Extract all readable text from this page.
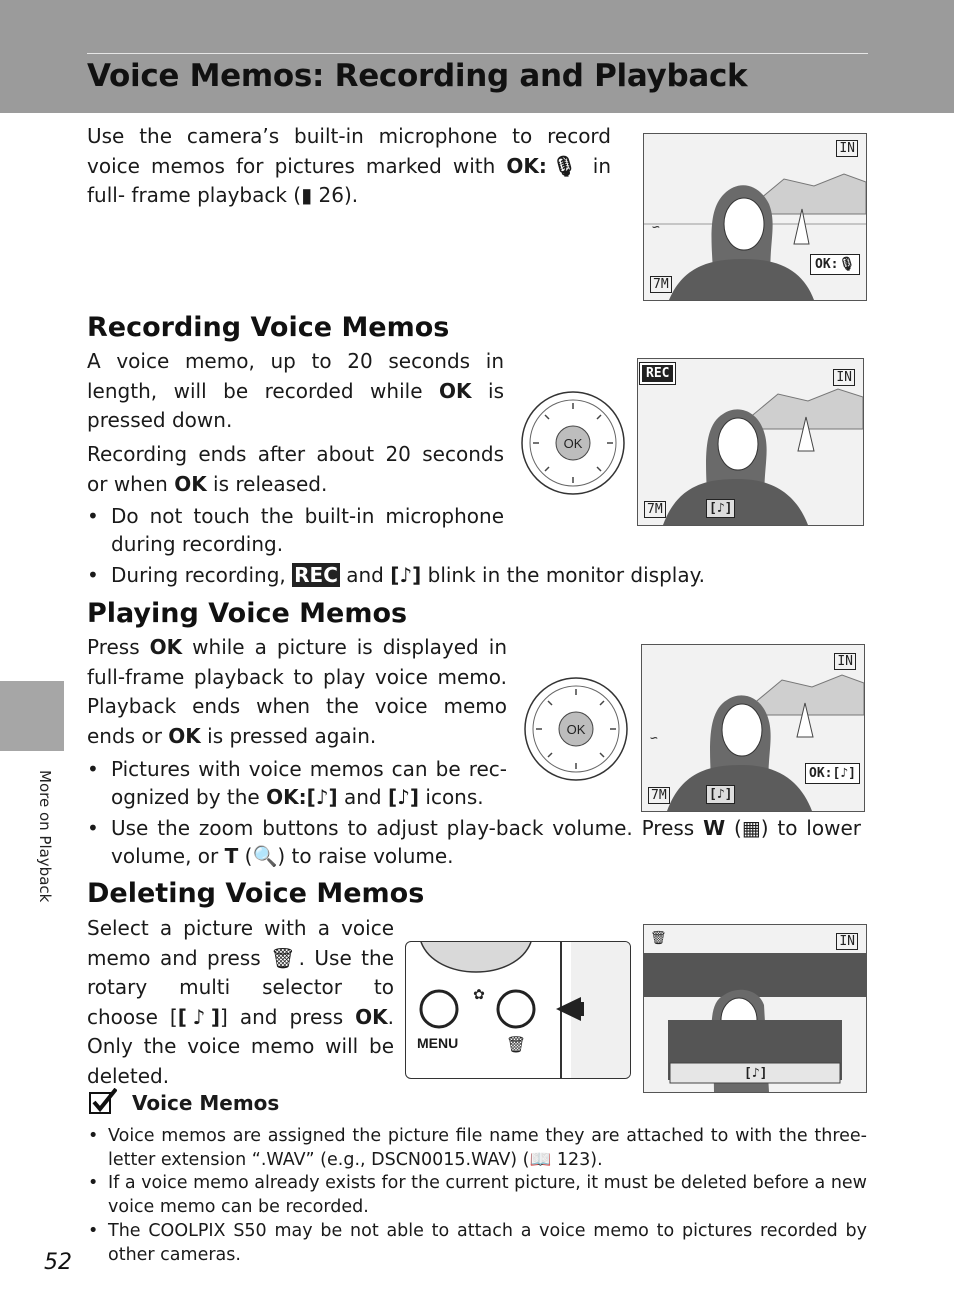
Voice Memos: Recording and Playback
More on Playback
Use the camera’s built-in microphone to record voice memos for pictures marked with OK:🎙 in full- frame playback (▮ 26).
IN
7M
OK:🎙
∽
Recording Voice Memos
A voice memo, up to 20 seconds in length, will be recorded while OK is pressed down.
Recording ends after about 20 seconds or when OK is released.
• Do not touch the built-in microphone during recording.
• During recording, REC and [♪] blink in the monitor display.
OK
REC	IN
7M	[♪]
Playing Voice Memos
Press OK while a picture is displayed in full-frame playback to play voice memo. Playback ends when the voice memo ends or OK is pressed again.
• Pictures with voice memos can be rec-ognized by the OK:[♪] and [♪] icons.
• Use the zoom buttons to adjust play-back volume. Press W (▦) to lower volume, or T (🔍) to raise volume.
OK
IN
∽
7M	[♪]
OK:[♪]
Deleting Voice Memos
Select a picture with a voice memo and press 🗑. Use the rotary multi selector to choose [[♪]] and press OK. Only the voice memo will be deleted.
✿
🗑
MENU
🗑	IN
[♪]
Voice Memos
• Voice memos are assigned the picture file name they are attached to with the three-letter extension “.WAV” (e.g., DSCN0015.WAV) (📖 123).
• If a voice memo already exists for the current picture, it must be deleted before a new voice memo can be recorded.
• The COOLPIX S50 may be not able to attach a voice memo to pictures recorded by other cameras.
52
